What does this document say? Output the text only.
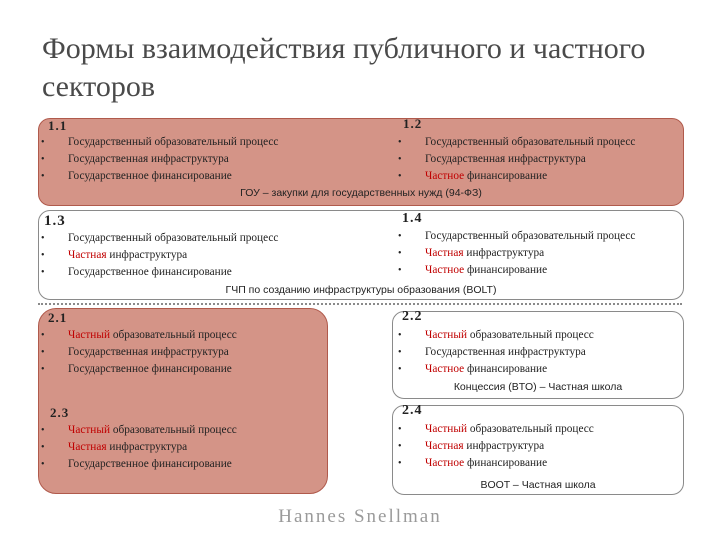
Формы взаимодействия публичного и частного секторов
1.1
• Государственный образовательный процесс
• Государственная инфраструктура
• Государственное финансирование
1.2
• Государственный образовательный процесс
• Государственная инфраструктура
• Частное финансирование
ГОУ – закупки для государственных нужд (94-ФЗ)
1.3
• Государственный образовательный процесс
• Частная инфраструктура
• Государственное финансирование
1.4
• Государственный образовательный процесс
• Частная инфраструктура
• Частное финансирование
ГЧП по созданию инфраструктуры образования (BOLT)
2.1
• Частный образовательный процесс
• Государственная инфраструктура
• Государственное финансирование
2.3
• Частный образовательный процесс
• Частная инфраструктура
• Государственное финансирование
2.2
• Частный образовательный процесс
• Государственная инфраструктура
• Частное финансирование
Концессия (BTO) – Частная школа
2.4
• Частный образовательный процесс
• Частная инфраструктура
• Частное финансирование
BOOT – Частная школа
Hannes Snellman
